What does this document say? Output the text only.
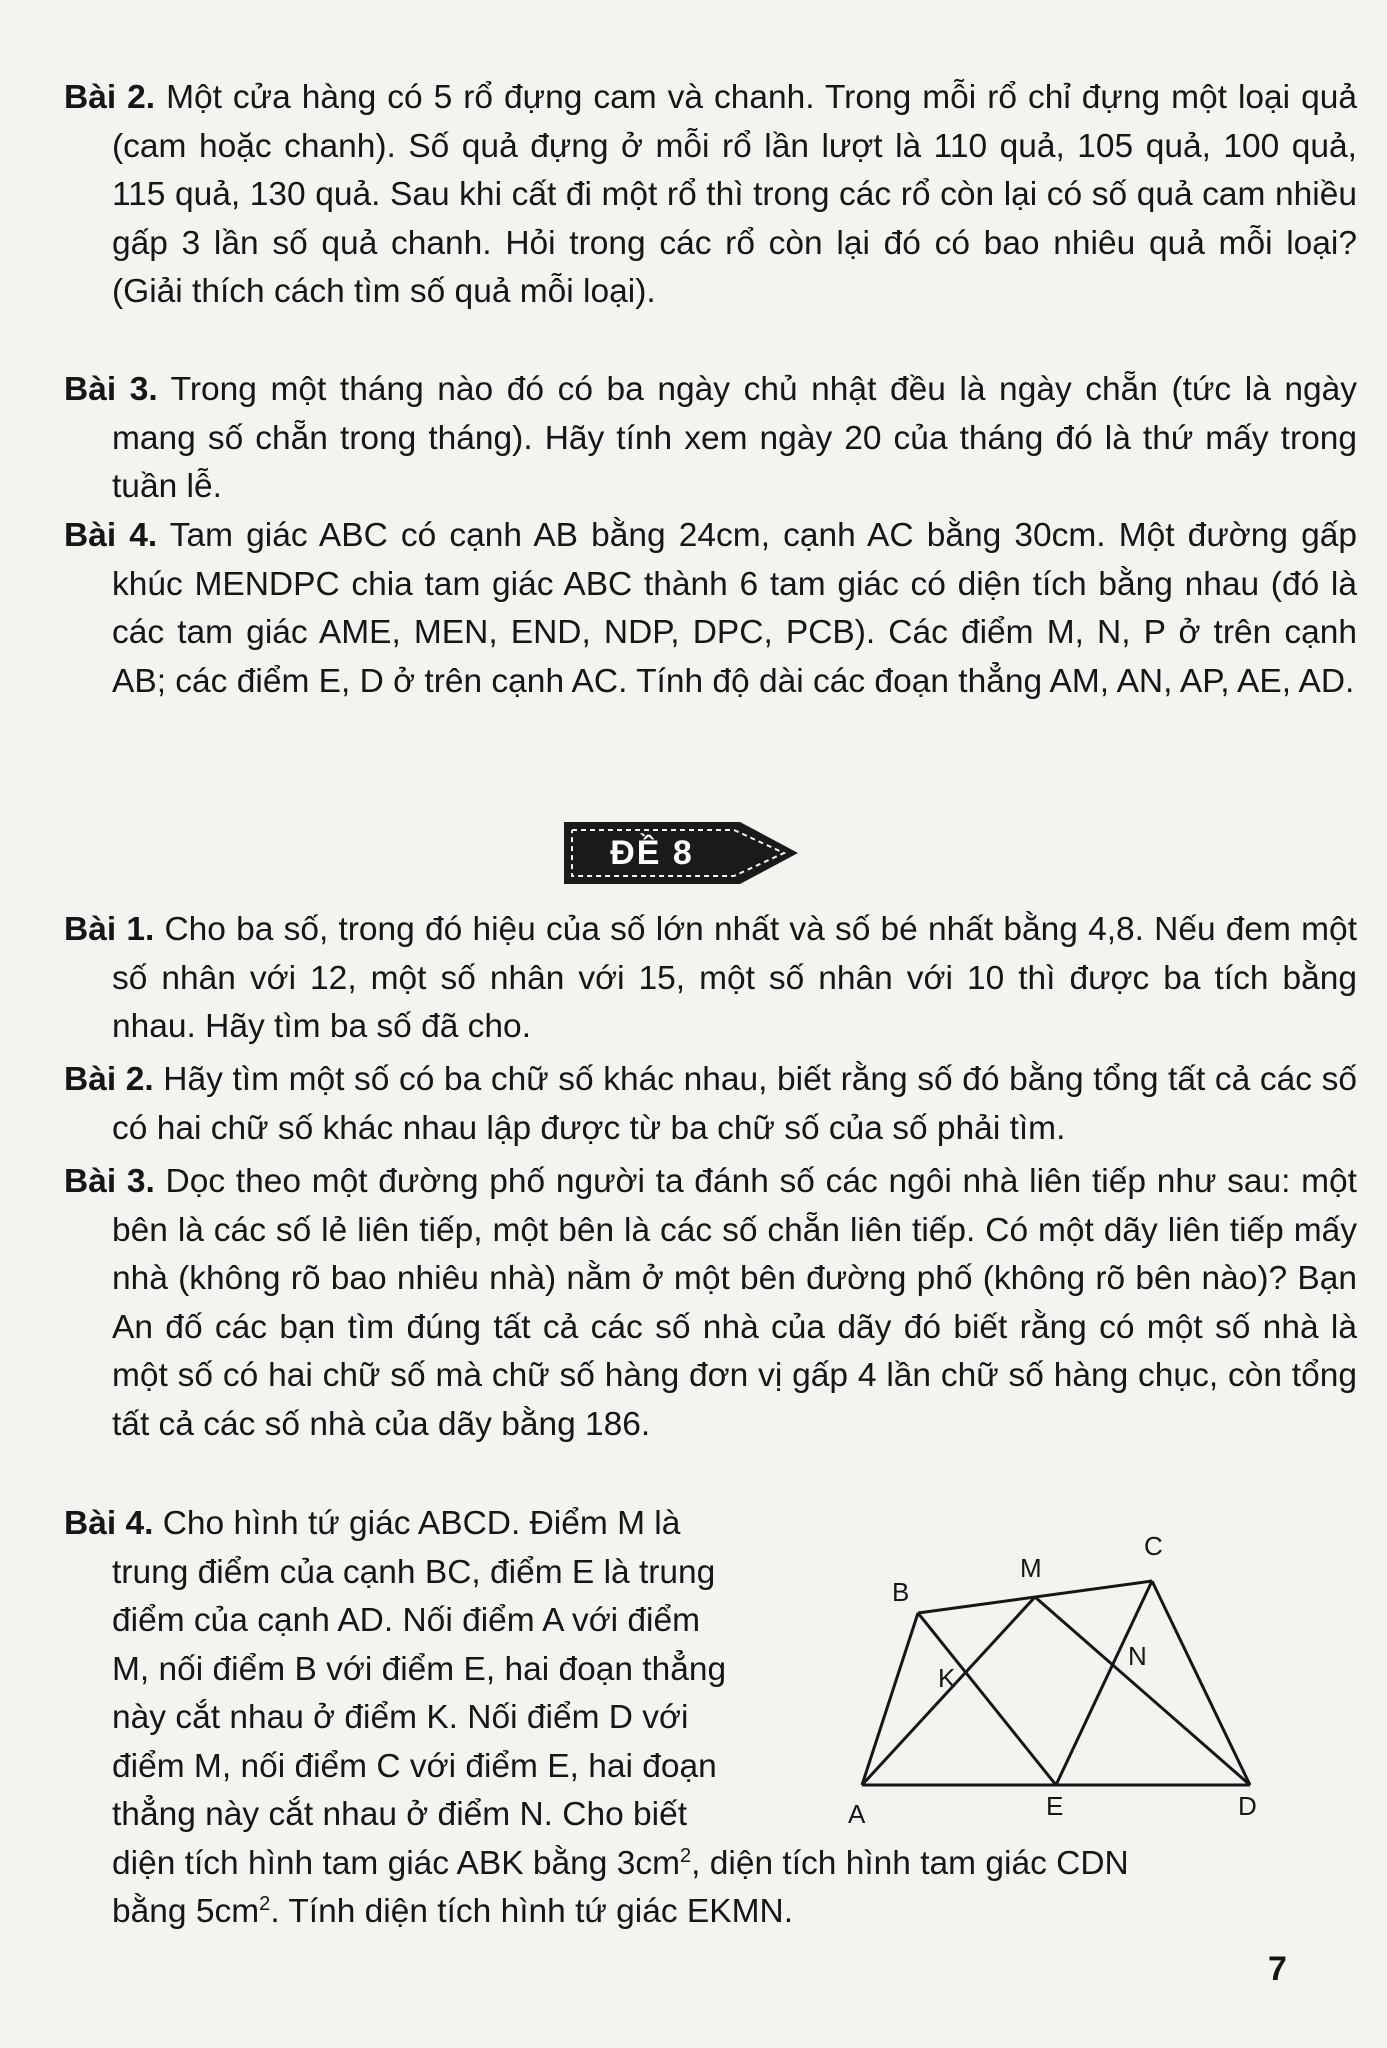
Bài 2. Một cửa hàng có 5 rổ đựng cam và chanh. Trong mỗi rổ chỉ đựng một loại quả (cam hoặc chanh). Số quả đựng ở mỗi rổ lần lượt là 110 quả, 105 quả, 100 quả, 115 quả, 130 quả. Sau khi cất đi một rổ thì trong các rổ còn lại có số quả cam nhiều gấp 3 lần số quả chanh. Hỏi trong các rổ còn lại đó có bao nhiêu quả mỗi loại? (Giải thích cách tìm số quả mỗi loại).

Bài 3. Trong một tháng nào đó có ba ngày chủ nhật đều là ngày chẵn (tức là ngày mang số chẵn trong tháng). Hãy tính xem ngày 20 của tháng đó là thứ mấy trong tuần lễ.

Bài 4. Tam giác ABC có cạnh AB bằng 24cm, cạnh AC bằng 30cm. Một đường gấp khúc MENDPC chia tam giác ABC thành 6 tam giác có diện tích bằng nhau (đó là các tam giác AME, MEN, END, NDP, DPC, PCB). Các điểm M, N, P ở trên cạnh AB; các điểm E, D ở trên cạnh AC. Tính độ dài các đoạn thẳng AM, AN, AP, AE, AD.

ĐỀ 8

Bài 1. Cho ba số, trong đó hiệu của số lớn nhất và số bé nhất bằng 4,8. Nếu đem một số nhân với 12, một số nhân với 15, một số nhân với 10 thì được ba tích bằng nhau. Hãy tìm ba số đã cho.

Bài 2. Hãy tìm một số có ba chữ số khác nhau, biết rằng số đó bằng tổng tất cả các số có hai chữ số khác nhau lập được từ ba chữ số của số phải tìm.

Bài 3. Dọc theo một đường phố người ta đánh số các ngôi nhà liên tiếp như sau: một bên là các số lẻ liên tiếp, một bên là các số chẵn liên tiếp. Có một dãy liên tiếp mấy nhà (không rõ bao nhiêu nhà) nằm ở một bên đường phố (không rõ bên nào)? Bạn An đố các bạn tìm đúng tất cả các số nhà của dãy đó biết rằng có một số nhà là một số có hai chữ số mà chữ số hàng đơn vị gấp 4 lần chữ số hàng chục, còn tổng tất cả các số nhà của dãy bằng 186.

Bài 4. Cho hình tứ giác ABCD. Điểm M là
trung điểm của cạnh BC, điểm E là trung
điểm của cạnh AD. Nối điểm A với điểm
M, nối điểm B với điểm E, hai đoạn thẳng
này cắt nhau ở điểm K. Nối điểm D với
điểm M, nối điểm C với điểm E, hai đoạn
thẳng này cắt nhau ở điểm N. Cho biết
diện tích hình tam giác ABK bằng $3cm^2$, diện tích hình tam giác CDN
bằng $5cm^2$. Tính diện tích hình tứ giác EKMN.
A
B
C
D
E
M
K
N
7
